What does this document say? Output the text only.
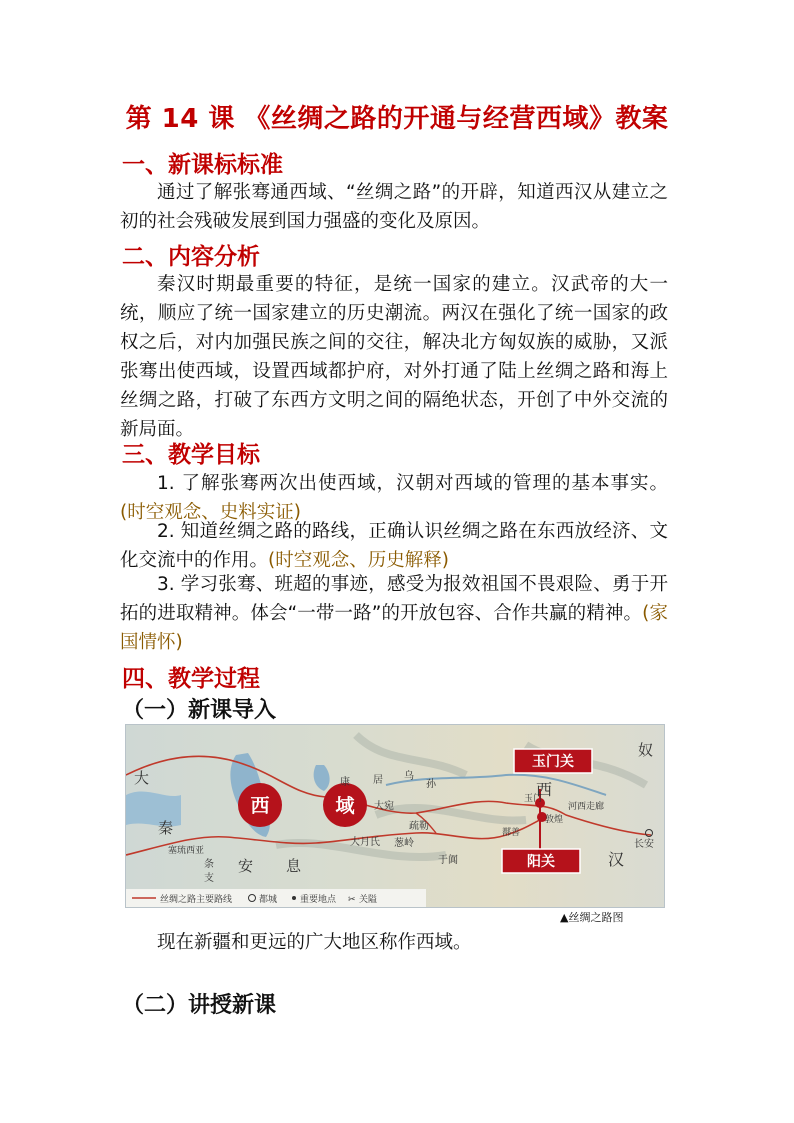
第 14 课 《丝绸之路的开通与经营西域》教案
一、新课标标准
通过了解张骞通西域、“丝绸之路”的开辟，知道西汉从建立之初的社会残破发展到国力强盛的变化及原因。
二、内容分析
秦汉时期最重要的特征，是统一国家的建立。汉武帝的大一统，顺应了统一国家建立的历史潮流。两汉在强化了统一国家的政权之后，对内加强民族之间的交往，解决北方匈奴族的威胁，又派张骞出使西域，设置西域都护府，对外打通了陆上丝绸之路和海上丝绸之路，打破了东西方文明之间的隔绝状态，开创了中外交流的新局面。
三、教学目标
1. 了解张骞两次出使西域，汉朝对西域的管理的基本事实。(时空观念、史料实证)
2. 知道丝绸之路的路线，正确认识丝绸之路在东西放经济、文化交流中的作用。(时空观念、历史解释)
3. 学习张骞、班超的事迹，感受为报效祖国不畏艰险、勇于开拓的进取精神。体会“一带一路”的开放包容、合作共赢的精神。(家国情怀)
四、教学过程
（一）新课导入
西	域
玉门关
阳关
大
秦
安 息
奴
西
汉
居 乌
孙
大宛
疏勒
大月氏 葱岭
于阗
鄯善
敦煌
玉门
河西走廊
长安
塞琉西亚
条
支
康
丝绸之路主要路线	都城	重要地点 ✂ 关隘
▲丝绸之路图
现在新疆和更远的广大地区称作西域。
（二）讲授新课
